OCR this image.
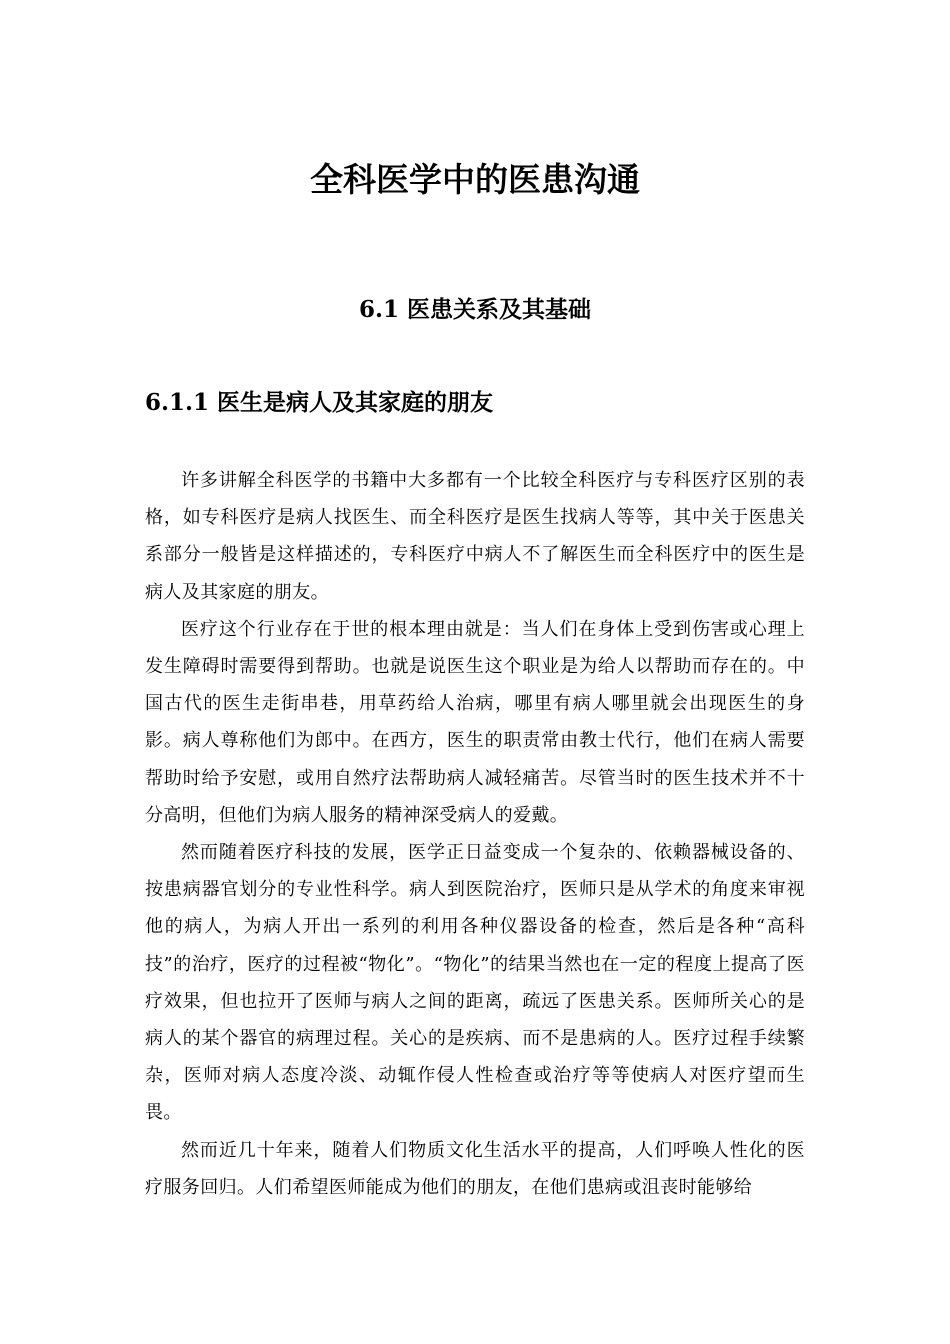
全科医学中的医患沟通
6.1 医患关系及其基础
6.1.1 医生是病人及其家庭的朋友

许多讲解全科医学的书籍中大多都有一个比较全科医疗与专科医疗区别的表格，如专科医疗是病人找医生、而全科医疗是医生找病人等等，其中关于医患关系部分一般皆是这样描述的，专科医疗中病人不了解医生而全科医疗中的医生是病人及其家庭的朋友。

医疗这个行业存在于世的根本理由就是：当人们在身体上受到伤害或心理上发生障碍时需要得到帮助。也就是说医生这个职业是为给人以帮助而存在的。中国古代的医生走街串巷，用草药给人治病，哪里有病人哪里就会出现医生的身影。病人尊称他们为郎中。在西方，医生的职责常由教士代行，他们在病人需要帮助时给予安慰，或用自然疗法帮助病人减轻痛苦。尽管当时的医生技术并不十分高明，但他们为病人服务的精神深受病人的爱戴。

然而随着医疗科技的发展，医学正日益变成一个复杂的、依赖器械设备的、按患病器官划分的专业性科学。病人到医院治疗，医师只是从学术的角度来审视他的病人，为病人开出一系列的利用各种仪器设备的检查，然后是各种“高科技”的治疗，医疗的过程被“物化”。“物化”的结果当然也在一定的程度上提高了医疗效果，但也拉开了医师与病人之间的距离，疏远了医患关系。医师所关心的是病人的某个器官的病理过程。关心的是疾病、而不是患病的人。医疗过程手续繁杂，医师对病人态度冷淡、动辄作侵人性检查或治疗等等使病人对医疗望而生畏。

然而近几十年来，随着人们物质文化生活水平的提高，人们呼唤人性化的医疗服务回归。人们希望医师能成为他们的朋友，在他们患病或沮丧时能够给
